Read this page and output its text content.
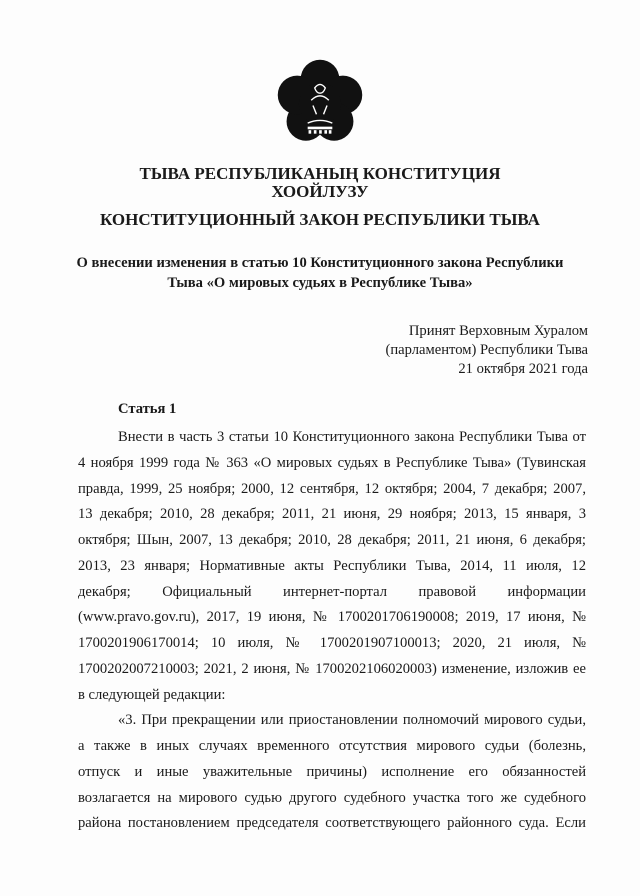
ТЫВА РЕСПУБЛИКАНЫҢ КОНСТИТУЦИЯ
ХООЙЛУЗУ
КОНСТИТУЦИОННЫЙ ЗАКОН РЕСПУБЛИКИ ТЫВА

О внесении изменения в статью 10 Конституционного закона Республики

Тыва «О мировых судьях в Республике Тыва»

Принят Верховным Хуралом

(парламентом) Республики Тыва

21 октября 2021 года

Статья 1

Внести в часть 3 статьи 10 Конституционного закона Республики Тыва от
4 ноября 1999 года № 363 «О мировых судьях в Республике Тыва» (Тувинская
правда, 1999, 25 ноября; 2000, 12 сентября, 12 октября; 2004, 7 декабря; 2007,
13 декабря; 2010, 28 декабря; 2011, 21 июня, 29 ноября; 2013, 15 января, 3
октября; Шын, 2007, 13 декабря; 2010, 28 декабря; 2011, 21 июня, 6 декабря;
2013, 23 января; Нормативные акты Республики Тыва, 2014, 11 июля, 12
декабря; Официальный интернет-портал правовой информации
(www.pravo.gov.ru), 2017, 19 июня, № 1700201706190008; 2019, 17 июня, №
1700201906170014; 10 июля, № 1700201907100013; 2020, 21 июля, №
1700202007210003; 2021, 2 июня, № 1700202106020003) изменение, изложив ее
в следующей редакции:
«3. При прекращении или приостановлении полномочий мирового судьи,
а также в иных случаях временного отсутствия мирового судьи (болезнь,
отпуск и иные уважительные причины) исполнение его обязанностей
возлагается на мирового судью другого судебного участка того же судебного
района постановлением председателя соответствующего районного суда. Если
